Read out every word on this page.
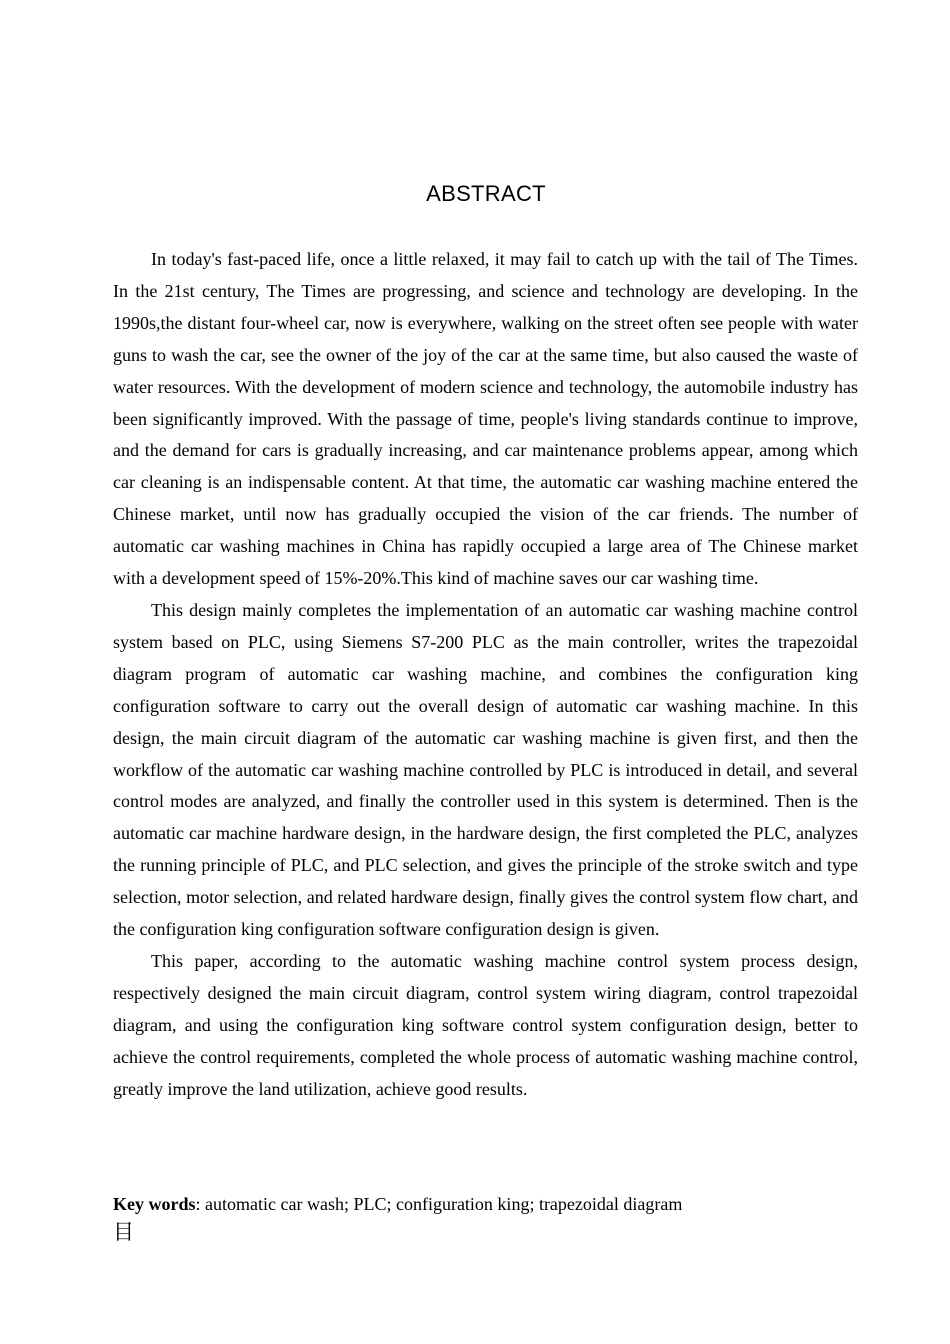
ABSTRACT

In today's fast-paced life, once a little relaxed, it may fail to catch up with the tail of The Times. In the 21st century, The Times are progressing, and science and technology are developing. In the 1990s,the distant four-wheel car, now is everywhere, walking on the street often see people with water guns to wash the car, see the owner of the joy of the car at the same time, but also caused the waste of water resources. With the development of modern science and technology, the automobile industry has been significantly improved. With the passage of time, people's living standards continue to improve, and the demand for cars is gradually increasing, and car maintenance problems appear, among which car cleaning is an indispensable content. At that time, the automatic car washing machine entered the Chinese market, until now has gradually occupied the vision of the car friends. The number of automatic car washing machines in China has rapidly occupied a large area of The Chinese market with a development speed of 15%-20%.This kind of machine saves our car washing time.

This design mainly completes the implementation of an automatic car washing machine control system based on PLC, using Siemens S7-200 PLC as the main controller, writes the trapezoidal diagram program of automatic car washing machine, and combines the configuration king configuration software to carry out the overall design of automatic car washing machine. In this design, the main circuit diagram of the automatic car washing machine is given first, and then the workflow of the automatic car washing machine controlled by PLC is introduced in detail, and several control modes are analyzed, and finally the controller used in this system is determined. Then is the automatic car machine hardware design, in the hardware design, the first completed the PLC, analyzes the running principle of PLC, and PLC selection, and gives the principle of the stroke switch and type selection, motor selection, and related hardware design, finally gives the control system flow chart, and the configuration king configuration software configuration design is given.

This paper, according to the automatic washing machine control system process design, respectively designed the main circuit diagram, control system wiring diagram, control trapezoidal diagram, and using the configuration king software control system configuration design, better to achieve the control requirements, completed the whole process of automatic washing machine control, greatly improve the land utilization, achieve good results.

Key words: automatic car wash; PLC; configuration king; trapezoidal diagram
目
